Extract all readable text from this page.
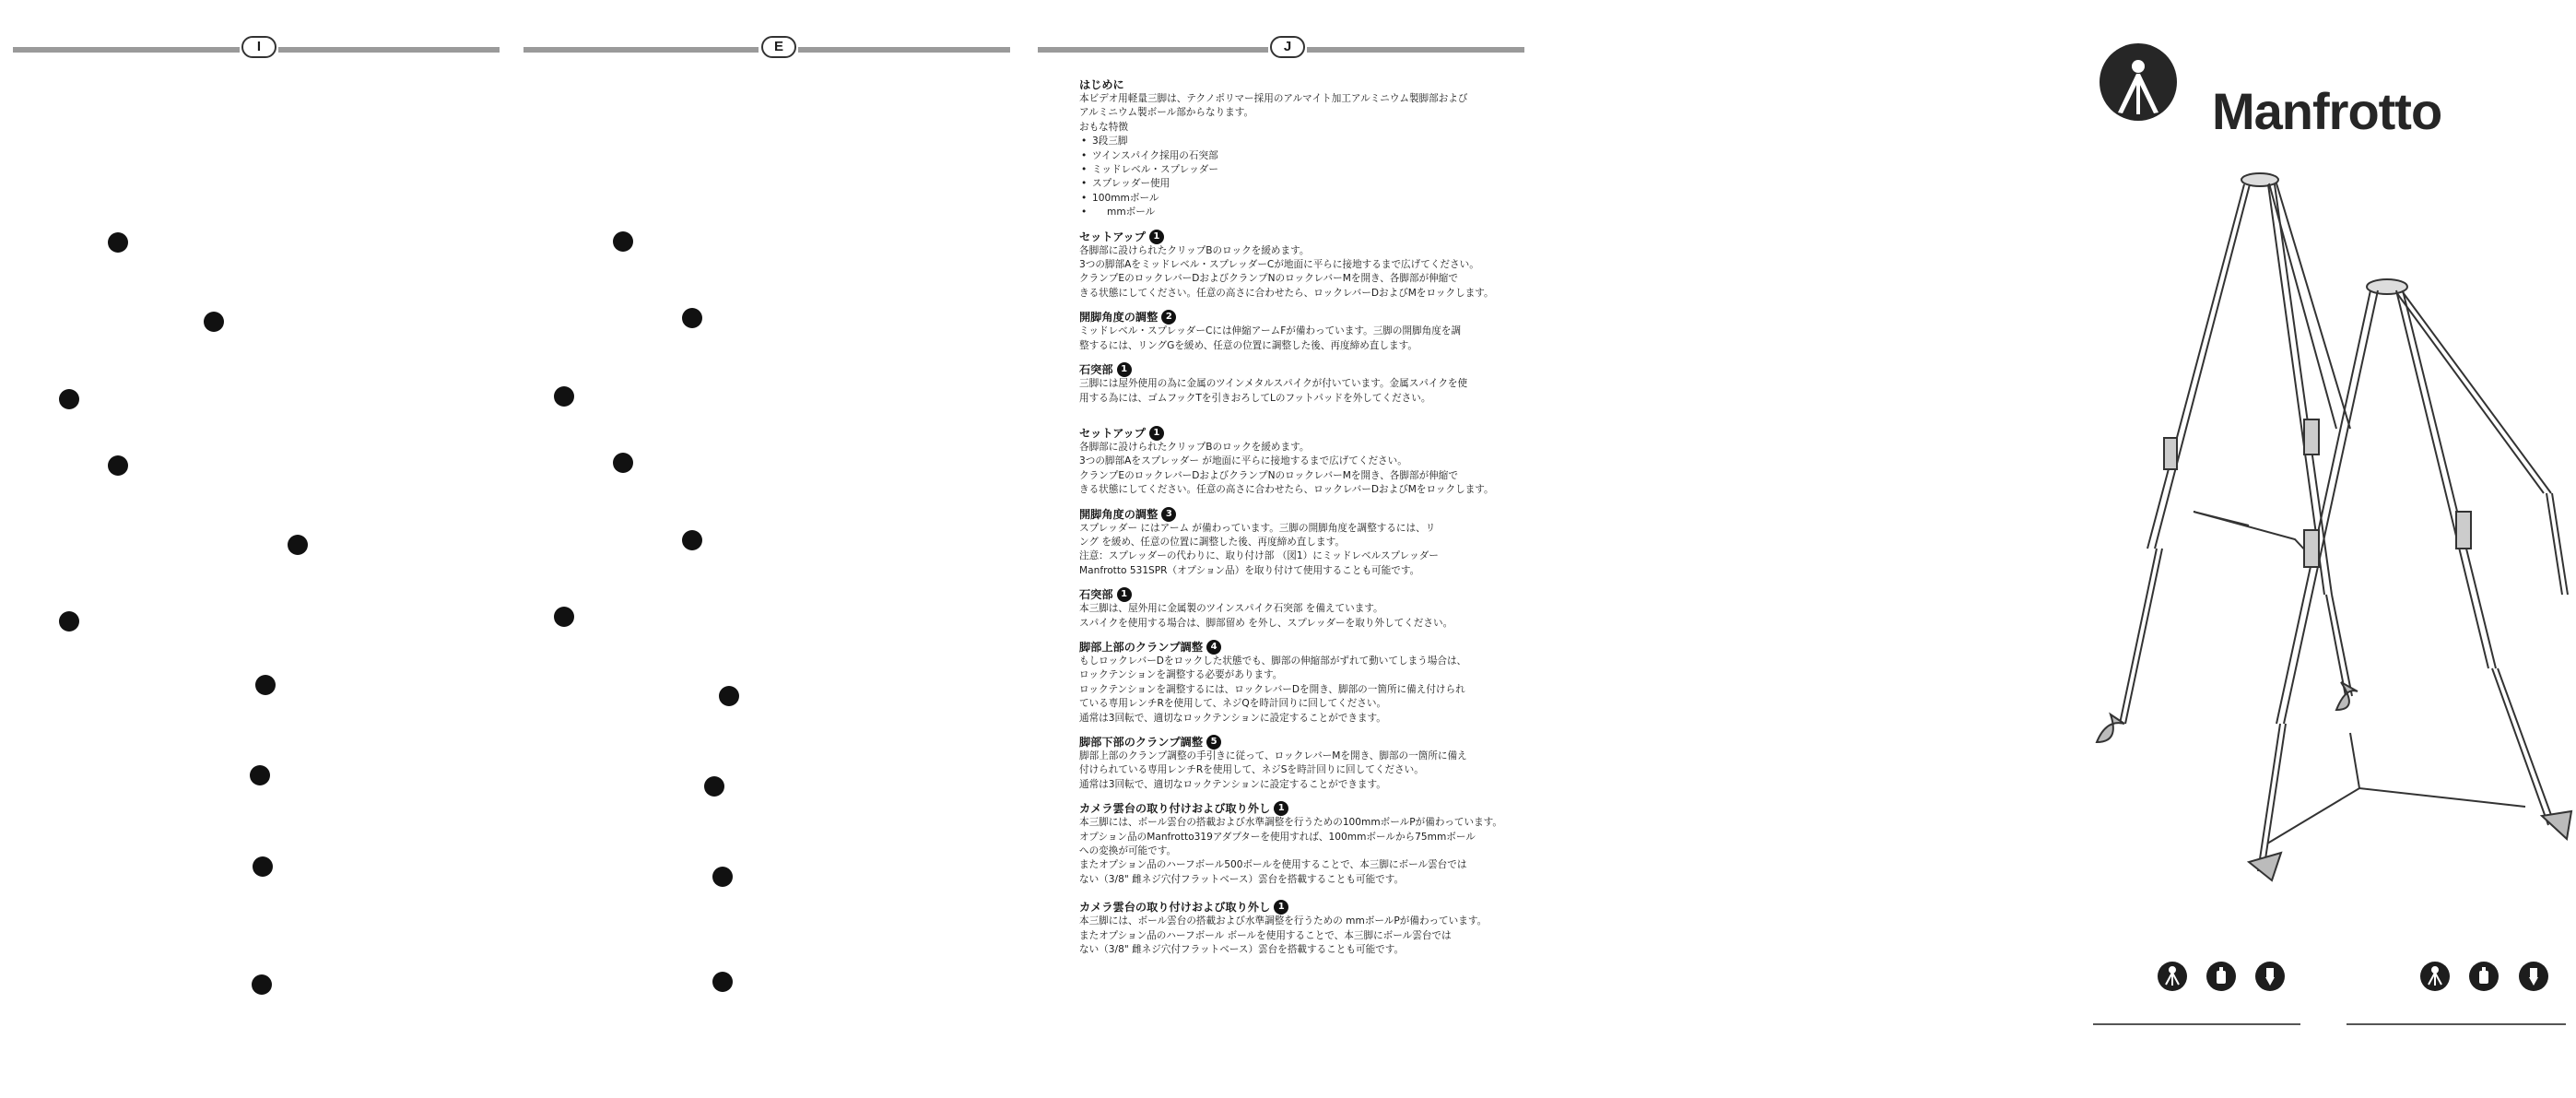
I	E	J
はじめに
本ビデオ用軽量三脚は、テクノポリマー採用のアルマイト加工アルミニウム製脚部および
アルミニウム製ボール部からなります。
おもな特徴
• 3段三脚
• ツインスパイク採用の石突部
• ミッドレベル・スプレッダー
• スプレッダー使用
• 100mmボール
• mmボール
セットアップ 1
各脚部に設けられたクリップBのロックを緩めます。
3つの脚部Aをミッドレベル・スプレッダーCが地面に平らに接地するまで広げてください。
クランプEのロックレバーDおよびクランプNのロックレバーMを開き、各脚部が伸縮で
きる状態にしてください。任意の高さに合わせたら、ロックレバーDおよびMをロックします。
開脚角度の調整 2
ミッドレベル・スプレッダーCには伸縮アームFが備わっています。三脚の開脚角度を調
整するには、リングGを緩め、任意の位置に調整した後、再度締め直します。
石突部 1
三脚には屋外使用の為に金属のツインメタルスパイクが付いています。金属スパイクを使
用する為には、ゴムフックTを引きおろしてLのフットパッドを外してください。
セットアップ 1
各脚部に設けられたクリップBのロックを緩めます。
3つの脚部Aをスプレッダー が地面に平らに接地するまで広げてください。
クランプEのロックレバーDおよびクランプNのロックレバーMを開き、各脚部が伸縮で
きる状態にしてください。任意の高さに合わせたら、ロックレバーDおよびMをロックします。
開脚角度の調整 3
スプレッダー にはアーム が備わっています。三脚の開脚角度を調整するには、リ
ング を緩め、任意の位置に調整した後、再度締め直します。
注意：スプレッダーの代わりに、取り付け部 （図1）にミッドレベルスプレッダー
Manfrotto 531SPR（オプション品）を取り付けて使用することも可能です。
石突部 1
本三脚は、屋外用に金属製のツインスパイク石突部 を備えています。
スパイクを使用する場合は、脚部留め を外し、スプレッダーを取り外してください。
脚部上部のクランプ調整 4
もしロックレバーDをロックした状態でも、脚部の伸縮部がずれて動いてしまう場合は、
ロックテンションを調整する必要があります。
ロックテンションを調整するには、ロックレバーDを開き、脚部の一箇所に備え付けられ
ている専用レンチRを使用して、ネジQを時計回りに回してください。
通常は3回転で、適切なロックテンションに設定することができます。
脚部下部のクランプ調整 5
脚部上部のクランプ調整の手引きに従って、ロックレバーMを開き、脚部の一箇所に備え
付けられている専用レンチRを使用して、ネジSを時計回りに回してください。
通常は3回転で、適切なロックテンションに設定することができます。
カメラ雲台の取り付けおよび取り外し 1
本三脚には、ボール雲台の搭載および水準調整を行うための100mmボールPが備わっています。
オプション品のManfrotto319アダプターを使用すれば、100mmボールから75mmボール
への変換が可能です。
またオプション品のハーフボール500ボールを使用することで、本三脚にボール雲台では
ない（3/8" 雌ネジ穴付フラットベース）雲台を搭載することも可能です。
カメラ雲台の取り付けおよび取り外し 1
本三脚には、ボール雲台の搭載および水準調整を行うための mmボールPが備わっています。
またオプション品のハーフボール ボールを使用することで、本三脚にボール雲台では
ない（3/8" 雌ネジ穴付フラットベース）雲台を搭載することも可能です。
Manfrotto
